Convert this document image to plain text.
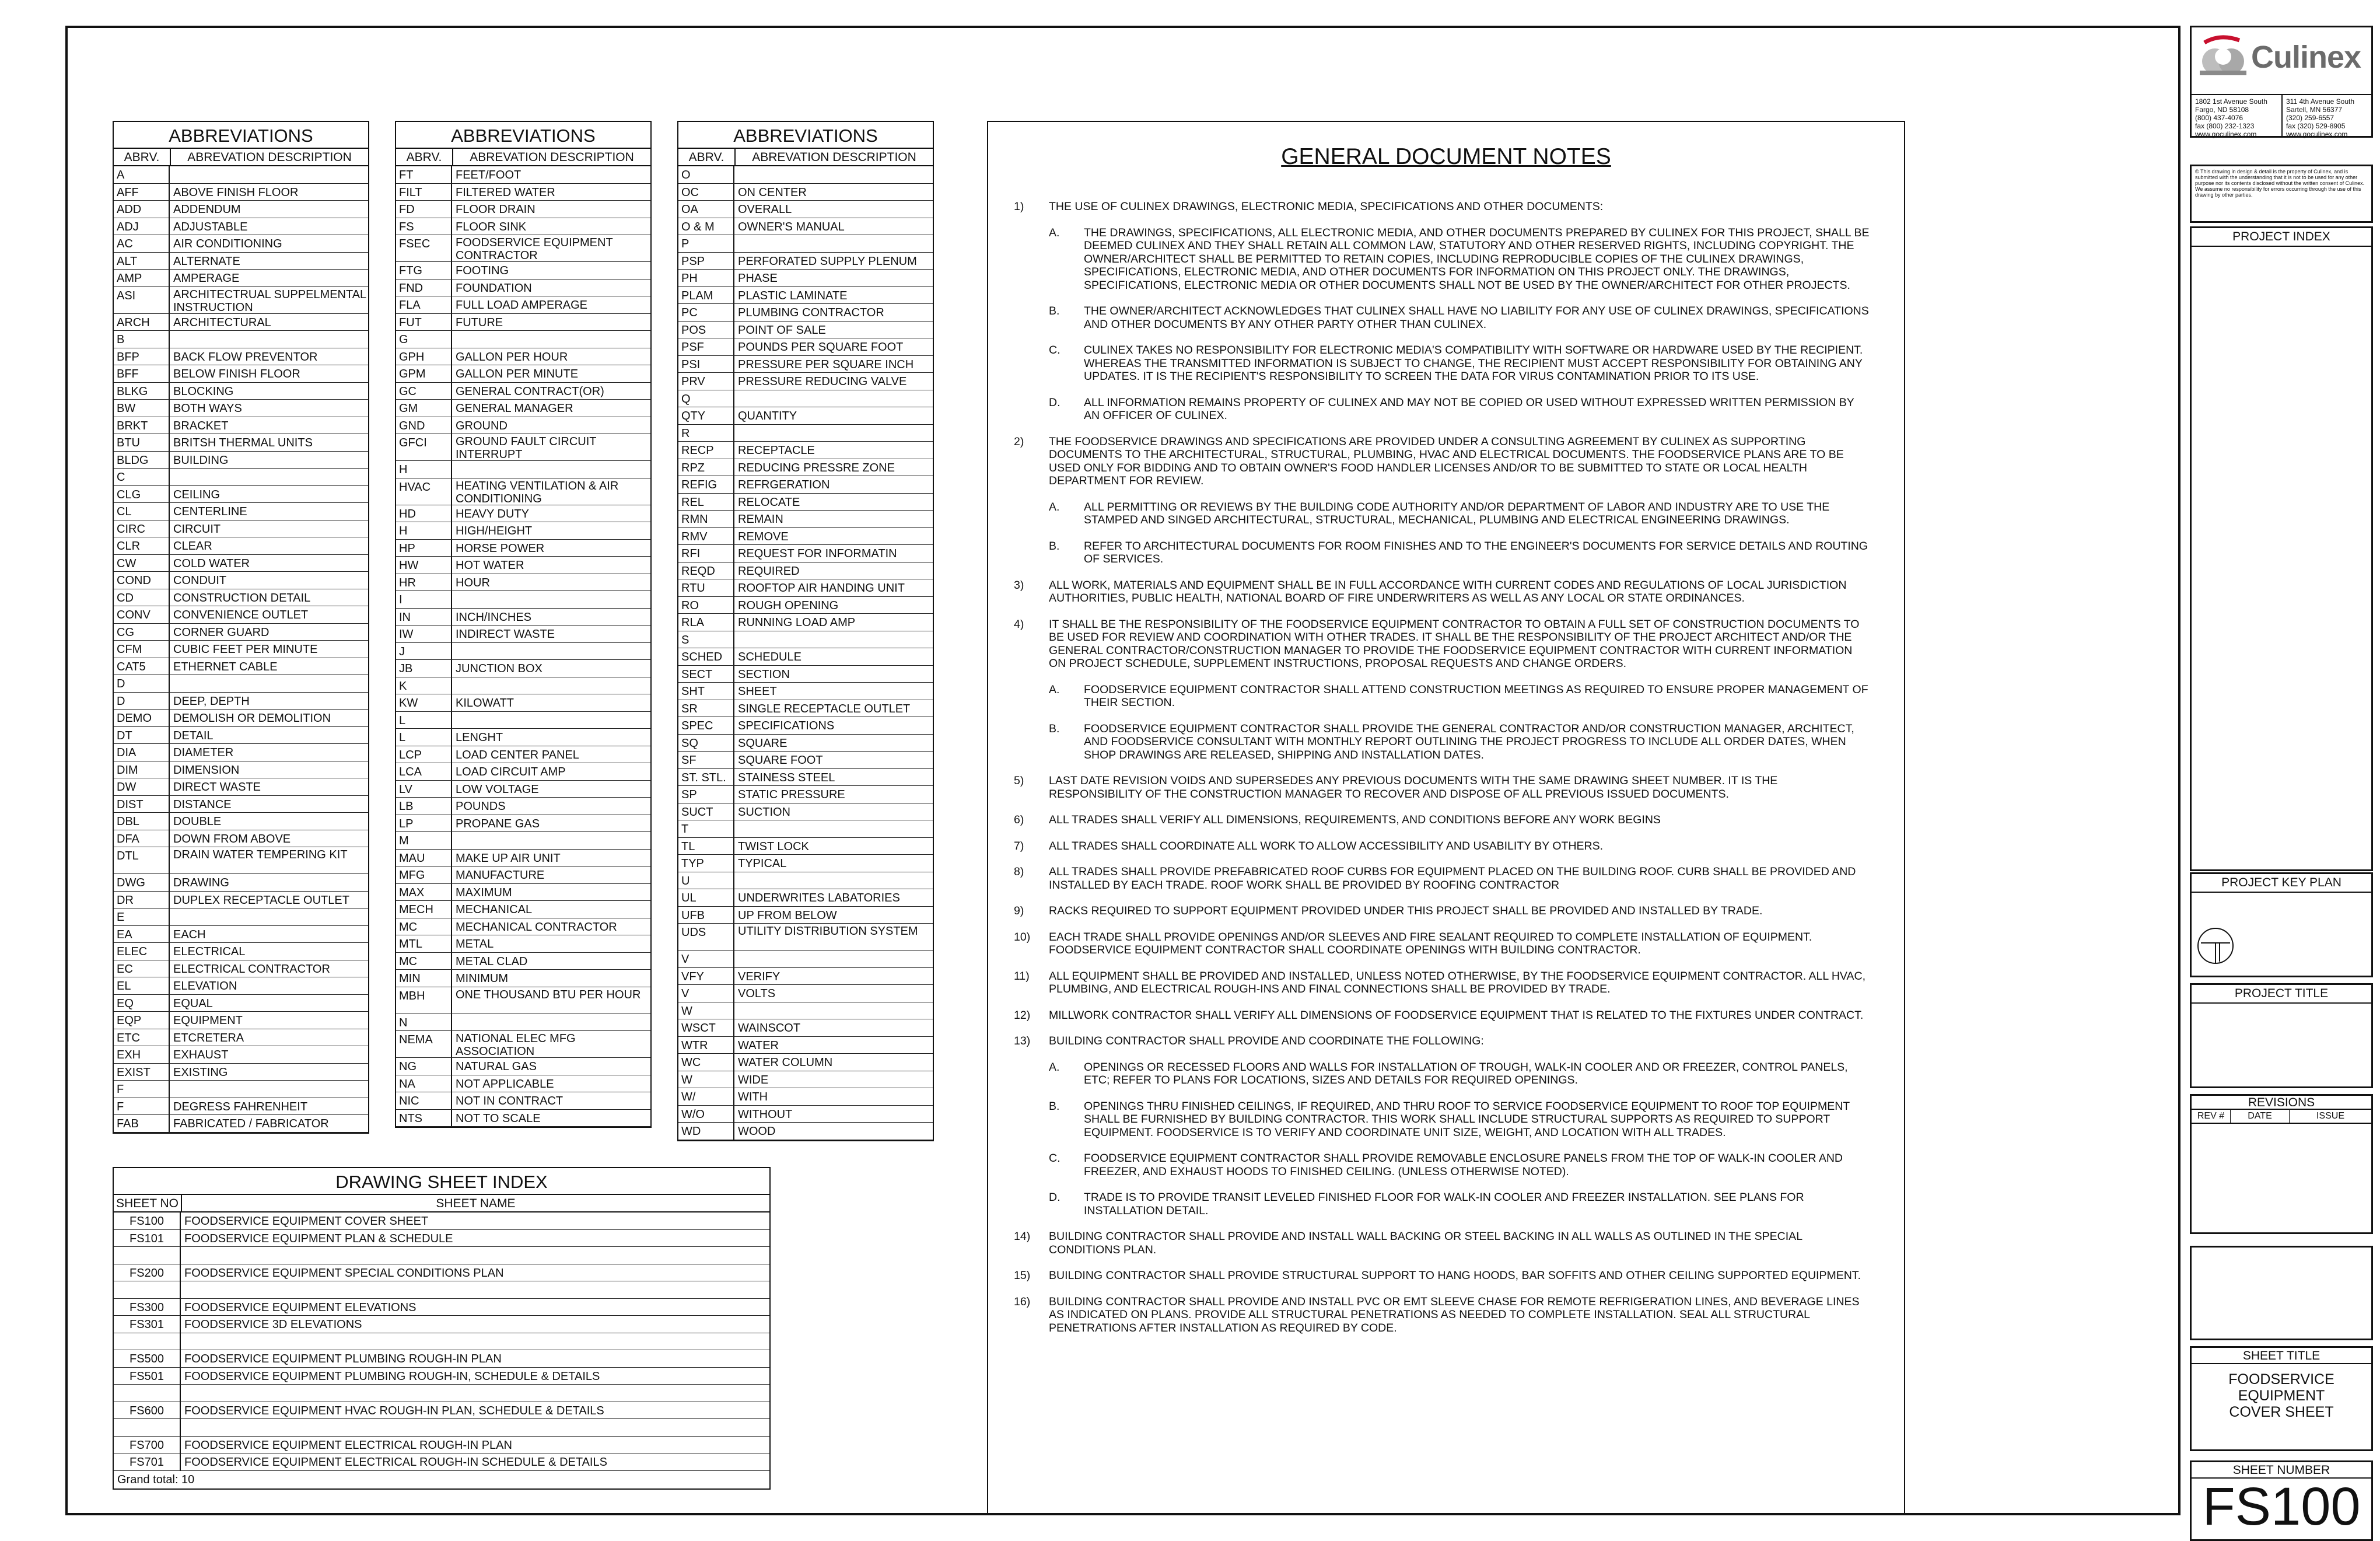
ABBREVIATIONS
ABRV.	ABREVATION DESCRIPTION
A
AFF	ABOVE FINISH FLOOR
ADD	ADDENDUM
ADJ	ADJUSTABLE
AC	AIR CONDITIONING
ALT	ALTERNATE
AMP	AMPERAGE
ASI	ARCHITECTRUAL SUPPELMENTAL INSTRUCTION
ARCH	ARCHITECTURAL
B
BFP	BACK FLOW PREVENTOR
BFF	BELOW FINISH FLOOR
BLKG	BLOCKING
BW	BOTH WAYS
BRKT	BRACKET
BTU	BRITSH THERMAL UNITS
BLDG	BUILDING
C
CLG	CEILING
CL	CENTERLINE
CIRC	CIRCUIT
CLR	CLEAR
CW	COLD WATER
COND	CONDUIT
CD	CONSTRUCTION DETAIL
CONV	CONVENIENCE OUTLET
CG	CORNER GUARD
CFM	CUBIC FEET PER MINUTE
CAT5	ETHERNET CABLE
D
D	DEEP, DEPTH
DEMO	DEMOLISH OR DEMOLITION
DT	DETAIL
DIA	DIAMETER
DIM	DIMENSION
DW	DIRECT WASTE
DIST	DISTANCE
DBL	DOUBLE
DFA	DOWN FROM ABOVE
DTL	DRAIN WATER TEMPERING KIT
DWG	DRAWING
DR	DUPLEX RECEPTACLE OUTLET
E
EA	EACH
ELEC	ELECTRICAL
EC	ELECTRICAL CONTRACTOR
EL	ELEVATION
EQ	EQUAL
EQP	EQUIPMENT
ETC	ETCRETERA
EXH	EXHAUST
EXIST	EXISTING
F
F	DEGRESS FAHRENHEIT
FAB	FABRICATED / FABRICATOR
ABBREVIATIONS
ABRV.	ABREVATION DESCRIPTION
FT	FEET/FOOT
FILT	FILTERED WATER
FD	FLOOR DRAIN
FS	FLOOR SINK
FSEC	FOODSERVICE EQUIPMENT CONTRACTOR
FTG	FOOTING
FND	FOUNDATION
FLA	FULL LOAD AMPERAGE
FUT	FUTURE
G
GPH	GALLON PER HOUR
GPM	GALLON PER MINUTE
GC	GENERAL CONTRACT(OR)
GM	GENERAL MANAGER
GND	GROUND
GFCI	GROUND FAULT CIRCUIT INTERRUPT
H
HVAC	HEATING VENTILATION & AIR CONDITIONING
HD	HEAVY DUTY
H	HIGH/HEIGHT
HP	HORSE POWER
HW	HOT WATER
HR	HOUR
I
IN	INCH/INCHES
IW	INDIRECT WASTE
J
JB	JUNCTION BOX
K
KW	KILOWATT
L
L	LENGHT
LCP	LOAD CENTER PANEL
LCA	LOAD CIRCUIT AMP
LV	LOW VOLTAGE
LB	POUNDS
LP	PROPANE GAS
M
MAU	MAKE UP AIR UNIT
MFG	MANUFACTURE
MAX	MAXIMUM
MECH	MECHANICAL
MC	MECHANICAL CONTRACTOR
MTL	METAL
MC	METAL CLAD
MIN	MINIMUM
MBH	ONE THOUSAND BTU PER HOUR
N
NEMA	NATIONAL ELEC MFG ASSOCIATION
NG	NATURAL GAS
NA	NOT APPLICABLE
NIC	NOT IN CONTRACT
NTS	NOT TO SCALE
ABBREVIATIONS
ABRV.	ABREVATION DESCRIPTION
O
OC	ON CENTER
OA	OVERALL
O & M	OWNER'S MANUAL
P
PSP	PERFORATED SUPPLY PLENUM
PH	PHASE
PLAM	PLASTIC LAMINATE
PC	PLUMBING CONTRACTOR
POS	POINT OF SALE
PSF	POUNDS PER SQUARE FOOT
PSI	PRESSURE PER SQUARE INCH
PRV	PRESSURE REDUCING VALVE
Q
QTY	QUANTITY
R
RECP	RECEPTACLE
RPZ	REDUCING PRESSRE ZONE
REFIG	REFRGERATION
REL	RELOCATE
RMN	REMAIN
RMV	REMOVE
RFI	REQUEST FOR INFORMATIN
REQD	REQUIRED
RTU	ROOFTOP AIR HANDING UNIT
RO	ROUGH OPENING
RLA	RUNNING LOAD AMP
S
SCHED	SCHEDULE
SECT	SECTION
SHT	SHEET
SR	SINGLE RECEPTACLE OUTLET
SPEC	SPECIFICATIONS
SQ	SQUARE
SF	SQUARE FOOT
ST. STL.	STAINESS STEEL
SP	STATIC PRESSURE
SUCT	SUCTION
T
TL	TWIST LOCK
TYP	TYPICAL
U
UL	UNDERWRITES LABATORIES
UFB	UP FROM BELOW
UDS	UTILITY DISTRIBUTION SYSTEM
V
VFY	VERIFY
V	VOLTS
W
WSCT	WAINSCOT
WTR	WATER
WC	WATER COLUMN
W	WIDE
W/	WITH
W/O	WITHOUT
WD	WOOD
DRAWING SHEET INDEX
SHEET NO	SHEET NAME
FS100	FOODSERVICE EQUIPMENT COVER SHEET
FS101	FOODSERVICE EQUIPMENT PLAN & SCHEDULE
FS200	FOODSERVICE EQUIPMENT SPECIAL CONDITIONS PLAN
FS300	FOODSERVICE EQUIPMENT ELEVATIONS
FS301	FOODSERVICE 3D ELEVATIONS
FS500	FOODSERVICE EQUIPMENT PLUMBING ROUGH-IN PLAN
FS501	FOODSERVICE EQUIPMENT PLUMBING ROUGH-IN, SCHEDULE & DETAILS
FS600	FOODSERVICE EQUIPMENT HVAC ROUGH-IN PLAN, SCHEDULE & DETAILS
FS700	FOODSERVICE EQUIPMENT ELECTRICAL ROUGH-IN PLAN
FS701	FOODSERVICE EQUIPMENT ELECTRICAL ROUGH-IN SCHEDULE & DETAILS
Grand total: 10
GENERAL DOCUMENT NOTES
1)	THE USE OF CULINEX DRAWINGS, ELECTRONIC MEDIA, SPECIFICATIONS AND OTHER DOCUMENTS:
A.	THE DRAWINGS, SPECIFICATIONS, ALL ELECTRONIC MEDIA, AND OTHER DOCUMENTS PREPARED BY CULINEX FOR THIS PROJECT, SHALL BE DEEMED CULINEX AND THEY SHALL RETAIN ALL COMMON LAW, STATUTORY AND OTHER RESERVED RIGHTS, INCLUDING COPYRIGHT. THE OWNER/ARCHITECT SHALL BE PERMITTED TO RETAIN COPIES, INCLUDING REPRODUCIBLE COPIES OF THE CULINEX DRAWINGS, SPECIFICATIONS, ELECTRONIC MEDIA, AND OTHER DOCUMENTS FOR INFORMATION ON THIS PROJECT ONLY. THE DRAWINGS, SPECIFICATIONS, ELECTRONIC MEDIA OR OTHER DOCUMENTS SHALL NOT BE USED BY THE OWNER/ARCHITECT FOR OTHER PROJECTS.
B.	THE OWNER/ARCHITECT ACKNOWLEDGES THAT CULINEX SHALL HAVE NO LIABILITY FOR ANY USE OF CULINEX DRAWINGS, SPECIFICATIONS AND OTHER DOCUMENTS BY ANY OTHER PARTY OTHER THAN CULINEX.
C.	CULINEX TAKES NO RESPONSIBILITY FOR ELECTRONIC MEDIA'S COMPATIBILITY WITH SOFTWARE OR HARDWARE USED BY THE RECIPIENT. WHEREAS THE TRANSMITTED INFORMATION IS SUBJECT TO CHANGE, THE RECIPIENT MUST ACCEPT RESPONSIBILITY FOR OBTAINING ANY UPDATES. IT IS THE RECIPIENT'S RESPONSIBILITY TO SCREEN THE DATA FOR VIRUS CONTAMINATION PRIOR TO ITS USE.
D.	ALL INFORMATION REMAINS PROPERTY OF CULINEX AND MAY NOT BE COPIED OR USED WITHOUT EXPRESSED WRITTEN PERMISSION BY AN OFFICER OF CULINEX.
2)	THE FOODSERVICE DRAWINGS AND SPECIFICATIONS ARE PROVIDED UNDER A CONSULTING AGREEMENT BY CULINEX AS SUPPORTING DOCUMENTS TO THE ARCHITECTURAL, STRUCTURAL, PLUMBING, HVAC AND ELECTRICAL DOCUMENTS. THE FOODSERVICE PLANS ARE TO BE USED ONLY FOR BIDDING AND TO OBTAIN OWNER'S FOOD HANDLER LICENSES AND/OR TO BE SUBMITTED TO STATE OR LOCAL HEALTH DEPARTMENT FOR REVIEW.
A.	ALL PERMITTING OR REVIEWS BY THE BUILDING CODE AUTHORITY AND/OR DEPARTMENT OF LABOR AND INDUSTRY ARE TO USE THE STAMPED AND SINGED ARCHITECTURAL, STRUCTURAL, MECHANICAL, PLUMBING AND ELECTRICAL ENGINEERING DRAWINGS.
B.	REFER TO ARCHITECTURAL DOCUMENTS FOR ROOM FINISHES AND TO THE ENGINEER'S DOCUMENTS FOR SERVICE DETAILS AND ROUTING OF SERVICES.
3)	ALL WORK, MATERIALS AND EQUIPMENT SHALL BE IN FULL ACCORDANCE WITH CURRENT CODES AND REGULATIONS OF LOCAL JURISDICTION AUTHORITIES, PUBLIC HEALTH, NATIONAL BOARD OF FIRE UNDERWRITERS AS WELL AS ANY LOCAL OR STATE ORDINANCES.
4)	IT SHALL BE THE RESPONSIBILITY OF THE FOODSERVICE EQUIPMENT CONTRACTOR TO OBTAIN A FULL SET OF CONSTRUCTION DOCUMENTS TO BE USED FOR REVIEW AND COORDINATION WITH OTHER TRADES. IT SHALL BE THE RESPONSIBILITY OF THE PROJECT ARCHITECT AND/OR THE GENERAL CONTRACTOR/CONSTRUCTION MANAGER TO PROVIDE THE FOODSERVICE EQUIPMENT CONTRACTOR WITH CURRENT INFORMATION ON PROJECT SCHEDULE, SUPPLEMENT INSTRUCTIONS, PROPOSAL REQUESTS AND CHANGE ORDERS.
A.	FOODSERVICE EQUIPMENT CONTRACTOR SHALL ATTEND CONSTRUCTION MEETINGS AS REQUIRED TO ENSURE PROPER MANAGEMENT OF THEIR SECTION.
B.	FOODSERVICE EQUIPMENT CONTRACTOR SHALL PROVIDE THE GENERAL CONTRACTOR AND/OR CONSTRUCTION MANAGER, ARCHITECT, AND FOODSERVICE CONSULTANT WITH MONTHLY REPORT OUTLINING THE PROJECT PROGRESS TO INCLUDE ALL ORDER DATES, WHEN SHOP DRAWINGS ARE RELEASED, SHIPPING AND INSTALLATION DATES.
5)	LAST DATE REVISION VOIDS AND SUPERSEDES ANY PREVIOUS DOCUMENTS WITH THE SAME DRAWING SHEET NUMBER. IT IS THE RESPONSIBILITY OF THE CONSTRUCTION MANAGER TO RECOVER AND DISPOSE OF ALL PREVIOUS ISSUED DOCUMENTS.
6)	ALL TRADES SHALL VERIFY ALL DIMENSIONS, REQUIREMENTS, AND CONDITIONS BEFORE ANY WORK BEGINS
7)	ALL TRADES SHALL COORDINATE ALL WORK TO ALLOW ACCESSIBILITY AND USABILITY BY OTHERS.
8)	ALL TRADES SHALL PROVIDE PREFABRICATED ROOF CURBS FOR EQUIPMENT PLACED ON THE BUILDING ROOF. CURB SHALL BE PROVIDED AND INSTALLED BY EACH TRADE. ROOF WORK SHALL BE PROVIDED BY ROOFING CONTRACTOR
9)	RACKS REQUIRED TO SUPPORT EQUIPMENT PROVIDED UNDER THIS PROJECT SHALL BE PROVIDED AND INSTALLED BY TRADE.
10)	EACH TRADE SHALL PROVIDE OPENINGS AND/OR SLEEVES AND FIRE SEALANT REQUIRED TO COMPLETE INSTALLATION OF EQUIPMENT. FOODSERVICE EQUIPMENT CONTRACTOR SHALL COORDINATE OPENINGS WITH BUILDING CONTRACTOR.
11)	ALL EQUIPMENT SHALL BE PROVIDED AND INSTALLED, UNLESS NOTED OTHERWISE, BY THE FOODSERVICE EQUIPMENT CONTRACTOR. ALL HVAC, PLUMBING, AND ELECTRICAL ROUGH-INS AND FINAL CONNECTIONS SHALL BE PROVIDED BY TRADE.
12)	MILLWORK CONTRACTOR SHALL VERIFY ALL DIMENSIONS OF FOODSERVICE EQUIPMENT THAT IS RELATED TO THE FIXTURES UNDER CONTRACT.
13)	BUILDING CONTRACTOR SHALL PROVIDE AND COORDINATE THE FOLLOWING:
A.	OPENINGS OR RECESSED FLOORS AND WALLS FOR INSTALLATION OF TROUGH, WALK-IN COOLER AND OR FREEZER, CONTROL PANELS, ETC; REFER TO PLANS FOR LOCATIONS, SIZES AND DETAILS FOR REQUIRED OPENINGS.
B.	OPENINGS THRU FINISHED CEILINGS, IF REQUIRED, AND THRU ROOF TO SERVICE FOODSERVICE EQUIPMENT TO ROOF TOP EQUIPMENT SHALL BE FURNISHED BY BUILDING CONTRACTOR. THIS WORK SHALL INCLUDE STRUCTURAL SUPPORTS AS REQUIRED TO SUPPORT EQUIPMENT. FOODSERVICE IS TO VERIFY AND COORDINATE UNIT SIZE, WEIGHT, AND LOCATION WITH ALL TRADES.
C.	FOODSERVICE EQUIPMENT CONTRACTOR SHALL PROVIDE REMOVABLE ENCLOSURE PANELS FROM THE TOP OF WALK-IN COOLER AND FREEZER, AND EXHAUST HOODS TO FINISHED CEILING. (UNLESS OTHERWISE NOTED).
D.	TRADE IS TO PROVIDE TRANSIT LEVELED FINISHED FLOOR FOR WALK-IN COOLER AND FREEZER INSTALLATION. SEE PLANS FOR INSTALLATION DETAIL.
14)	BUILDING CONTRACTOR SHALL PROVIDE AND INSTALL WALL BACKING OR STEEL BACKING IN ALL WALLS AS OUTLINED IN THE SPECIAL CONDITIONS PLAN.
15)	BUILDING CONTRACTOR SHALL PROVIDE STRUCTURAL SUPPORT TO HANG HOODS, BAR SOFFITS AND OTHER CEILING SUPPORTED EQUIPMENT.
16)	BUILDING CONTRACTOR SHALL PROVIDE AND INSTALL PVC OR EMT SLEEVE CHASE FOR REMOTE REFRIGERATION LINES, AND BEVERAGE LINES AS INDICATED ON PLANS. PROVIDE ALL STRUCTURAL PENETRATIONS AS NEEDED TO COMPLETE INSTALLATION. SEAL ALL STRUCTURAL PENETRATIONS AFTER INSTALLATION AS REQUIRED BY CODE.
Culinex
1802 1st Avenue South
Fargo, ND 58108
(800) 437-4076
fax (800) 232-1323
www.goculinex.com
311 4th Avenue South
Sartell, MN 56377
(320) 259-6557
fax (320) 529-8905
www.goculinex.com
© This drawing in design & detail is the property of Culinex, and is submitted with the understanding that it is not to be used for any other purpose nor its contents disclosed without the written consent of Culinex. We assume no responsibility for errors occurring through the use of this drawing by other parties.
PROJECT INDEX
PROJECT KEY PLAN
PROJECT TITLE
REVISIONS
REV #	DATE	ISSUE
SHEET TITLE
FOODSERVICE EQUIPMENT COVER SHEET
SHEET NUMBER
FS100
